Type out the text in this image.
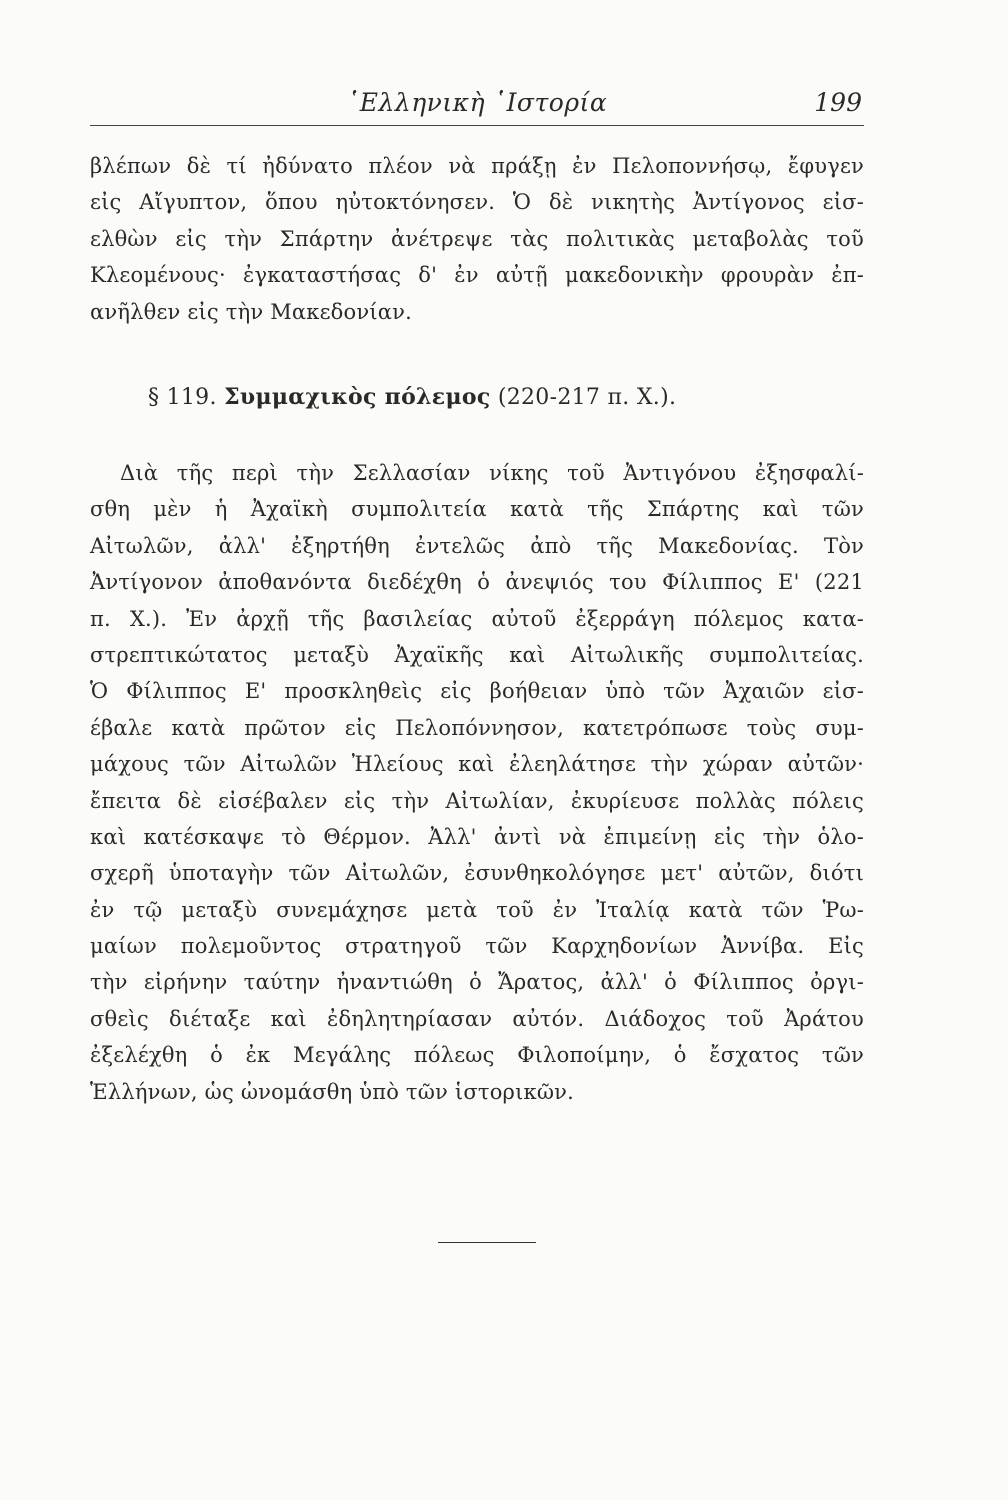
῾Ελληνικὴ ῾Ιστορία	199
βλέπων δὲ τί ἠδύνατο πλέον νὰ πράξῃ ἐν Πελοποννήσῳ, ἔφυγεν
εἰς Αἴγυπτον, ὅπου ηὐτοκτόνησεν. Ὁ δὲ νικητὴς Ἀντίγονος εἰσ-
ελθὼν εἰς τὴν Σπάρτην ἀνέτρεψε τὰς πολιτικὰς μεταβολὰς τοῦ
Κλεομένους· ἐγκαταστήσας δ' ἐν αὐτῇ μακεδονικὴν φρουρὰν ἐπ-
ανῆλθεν εἰς τὴν Μακεδονίαν.
§ 119. Συμμαχικὸς πόλεμος (220-217 π. Χ.).
Διὰ τῆς περὶ τὴν Σελλασίαν νίκης τοῦ Ἀντιγόνου ἐξησφαλί-
σθη μὲν ἡ Ἀχαϊκὴ συμπολιτεία κατὰ τῆς Σπάρτης καὶ τῶν
Αἰτωλῶν, ἀλλ' ἐξηρτήθη ἐντελῶς ἀπὸ τῆς Μακεδονίας. Τὸν
Ἀντίγονον ἀποθανόντα διεδέχθη ὁ ἀνεψιός του Φίλιππος Ε' (221
π. Χ.). Ἐν ἀρχῇ τῆς βασιλείας αὐτοῦ ἐξερράγη πόλεμος κατα-
στρεπτικώτατος μεταξὺ Ἀχαϊκῆς καὶ Αἰτωλικῆς συμπολιτείας.
Ὁ Φίλιππος Ε' προσκληθεὶς εἰς βοήθειαν ὑπὸ τῶν Ἀχαιῶν εἰσ-
έβαλε κατὰ πρῶτον εἰς Πελοπόννησον, κατετρόπωσε τοὺς συμ-
μάχους τῶν Αἰτωλῶν Ἠλείους καὶ ἐλεηλάτησε τὴν χώραν αὐτῶν·
ἔπειτα δὲ εἰσέβαλεν εἰς τὴν Αἰτωλίαν, ἐκυρίευσε πολλὰς πόλεις
καὶ κατέσκαψε τὸ Θέρμον. Ἀλλ' ἀντὶ νὰ ἐπιμείνῃ εἰς τὴν ὁλο-
σχερῆ ὑποταγὴν τῶν Αἰτωλῶν, ἐσυνθηκολόγησε μετ' αὐτῶν, διότι
ἐν τῷ μεταξὺ συνεμάχησε μετὰ τοῦ ἐν Ἰταλίᾳ κατὰ τῶν Ῥω-
μαίων πολεμοῦντος στρατηγοῦ τῶν Καρχηδονίων Ἀννίβα. Εἰς
τὴν εἰρήνην ταύτην ἠναντιώθη ὁ Ἄρατος, ἀλλ' ὁ Φίλιππος ὀργι-
σθεὶς διέταξε καὶ ἐδηλητηρίασαν αὐτόν. Διάδοχος τοῦ Ἀράτου
ἐξελέχθη ὁ ἐκ Μεγάλης πόλεως Φιλοποίμην, ὁ ἔσχατος τῶν
Ἑλλήνων, ὡς ὠνομάσθη ὑπὸ τῶν ἱστορικῶν.
